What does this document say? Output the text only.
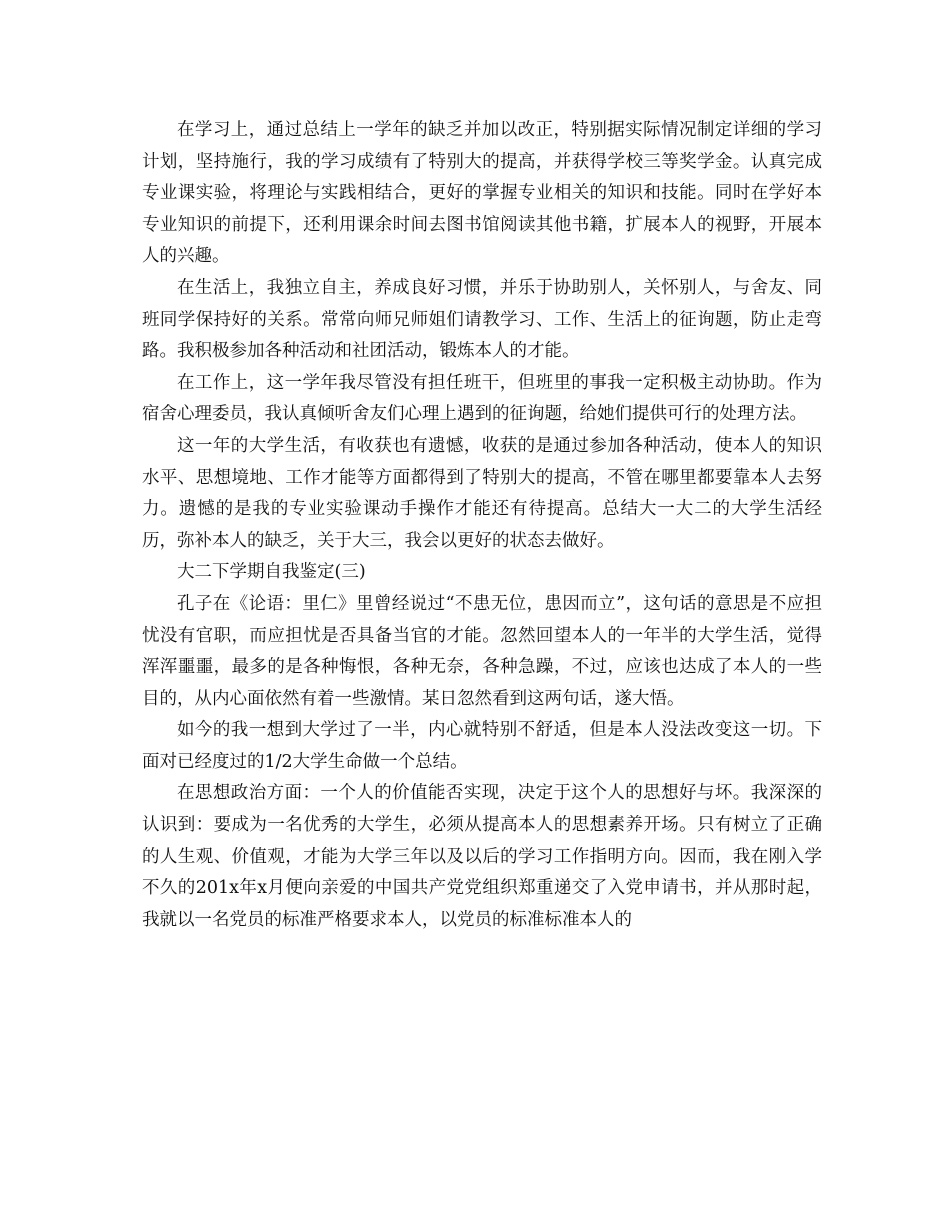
在学习上，通过总结上一学年的缺乏并加以改正，特别据实际情况制定详细的学习计划，坚持施行，我的学习成绩有了特别大的提高，并获得学校三等奖学金。认真完成专业课实验，将理论与实践相结合，更好的掌握专业相关的知识和技能。同时在学好本专业知识的前提下，还利用课余时间去图书馆阅读其他书籍，扩展本人的视野，开展本人的兴趣。

在生活上，我独立自主，养成良好习惯，并乐于协助别人，关怀别人，与舍友、同班同学保持好的关系。常常向师兄师姐们请教学习、工作、生活上的征询题，防止走弯路。我积极参加各种活动和社团活动，锻炼本人的才能。

在工作上，这一学年我尽管没有担任班干，但班里的事我一定积极主动协助。作为宿舍心理委员，我认真倾听舍友们心理上遇到的征询题，给她们提供可行的处理方法。

这一年的大学生活，有收获也有遗憾，收获的是通过参加各种活动，使本人的知识水平、思想境地、工作才能等方面都得到了特别大的提高，不管在哪里都要靠本人去努力。遗憾的是我的专业实验课动手操作才能还有待提高。总结大一大二的大学生活经历，弥补本人的缺乏，关于大三，我会以更好的状态去做好。

大二下学期自我鉴定(三)

孔子在《论语：里仁》里曾经说过“不患无位，患因而立”，这句话的意思是不应担忧没有官职，而应担忧是否具备当官的才能。忽然回望本人的一年半的大学生活，觉得浑浑噩噩，最多的是各种悔恨，各种无奈，各种急躁，不过，应该也达成了本人的一些目的，从内心面依然有着一些激情。某日忽然看到这两句话，遂大悟。

如今的我一想到大学过了一半，内心就特别不舒适，但是本人没法改变这一切。下面对已经度过的1/2大学生命做一个总结。

在思想政治方面：一个人的价值能否实现，决定于这个人的思想好与坏。我深深的认识到：要成为一名优秀的大学生，必须从提高本人的思想素养开场。只有树立了正确的人生观、价值观，才能为大学三年以及以后的学习工作指明方向。因而，我在刚入学不久的201x年x月便向亲爱的中国共产党党组织郑重递交了入党申请书，并从那时起，我就以一名党员的标准严格要求本人，以党员的标准标准本人的
